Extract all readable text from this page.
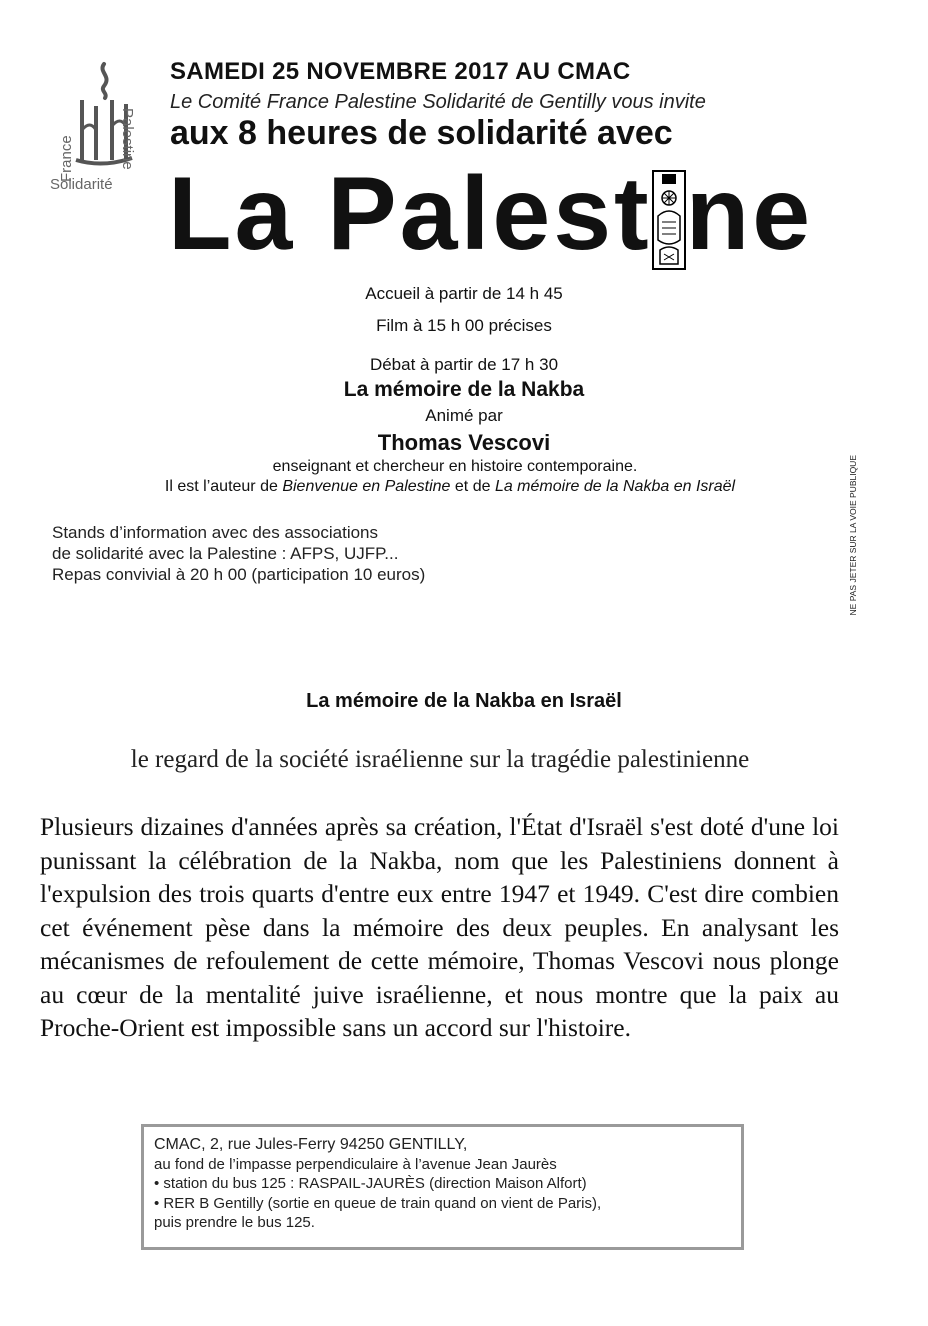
France	Palestine
Solidarité
SAMEDI 25 NOVEMBRE 2017 AU CMAC
Le Comité France Palestine Solidarité de Gentilly vous invite
aux 8 heures de solidarité avec
La Palest ne
Accueil à partir de 14 h 45
Film à 15 h 00 précises
Débat à partir de 17 h 30
La mémoire de la Nakba
Animé par
Thomas Vescovi
enseignant et chercheur en histoire contemporaine.
Il est l’auteur de Bienvenue en Palestine et de La mémoire de la Nakba en Israël
Stands d’information avec des associations
de solidarité avec la Palestine : AFPS, UJFP...
Repas convivial à 20 h 00 (participation 10 euros)	NE PAS JETER SUR LA VOIE PUBLIQUE
La mémoire de la Nakba en Israël
le regard de la société israélienne sur la tragédie palestinienne
Plusieurs dizaines d'années après sa création, l'État d'Israël s'est doté d'une loi punissant la célébration de la Nakba, nom que les Palestiniens donnent à l'expulsion des trois quarts d'entre eux entre 1947 et 1949. C'est dire combien cet événement pèse dans la mémoire des deux peuples. En analysant les mécanismes de refoulement de cette mémoire, Thomas Vescovi nous plonge au cœur de la mentalité juive israélienne, et nous montre que la paix au Proche-Orient est impossible sans un accord sur l'histoire.
CMAC, 2, rue Jules-Ferry 94250 GENTILLY,
au fond de l’impasse perpendiculaire à l’avenue Jean Jaurès
• station du bus 125 : RASPAIL-JAURÈS (direction Maison Alfort)
• RER B Gentilly (sortie en queue de train quand on vient de Paris),
puis prendre le bus 125.
